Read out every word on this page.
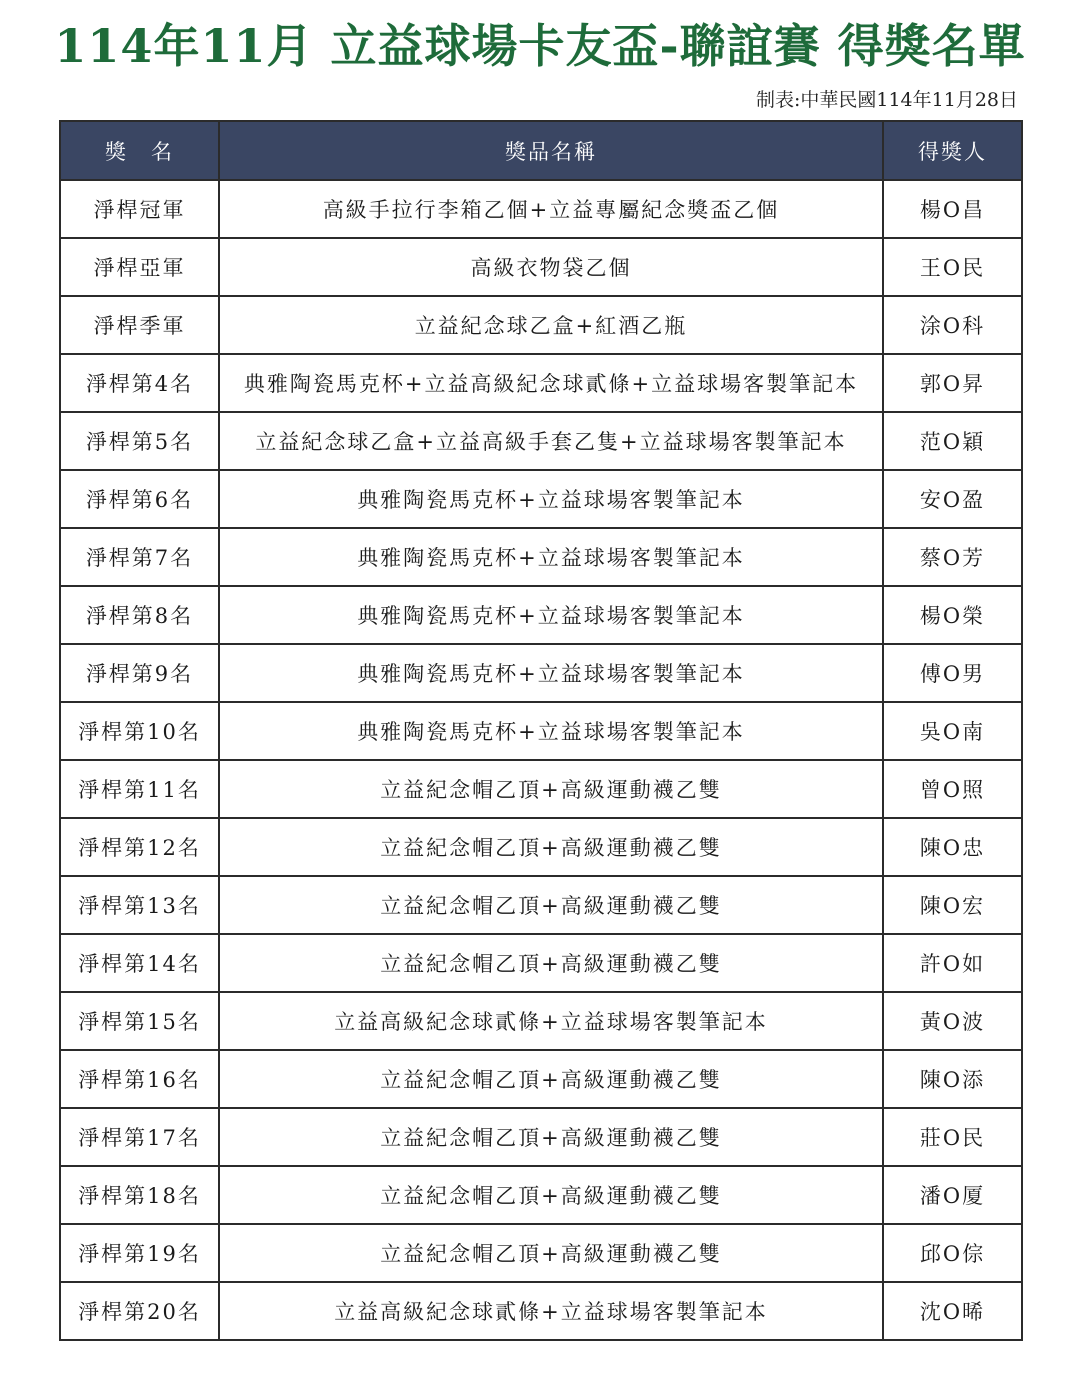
114年11月 立益球場卡友盃-聯誼賽 得獎名單
制表:中華民國114年11月28日
獎　名	獎品名稱	得獎人
淨桿冠軍	高級手拉行李箱乙個+立益專屬紀念獎盃乙個	楊O昌
淨桿亞軍	高級衣物袋乙個	王O民
淨桿季軍	立益紀念球乙盒+紅酒乙瓶	涂O科
淨桿第4名	典雅陶瓷馬克杯+立益高級紀念球貳條+立益球場客製筆記本	郭O昇
淨桿第5名	立益紀念球乙盒+立益高級手套乙隻+立益球場客製筆記本	范O穎
淨桿第6名	典雅陶瓷馬克杯+立益球場客製筆記本	安O盈
淨桿第7名	典雅陶瓷馬克杯+立益球場客製筆記本	蔡O芳
淨桿第8名	典雅陶瓷馬克杯+立益球場客製筆記本	楊O榮
淨桿第9名	典雅陶瓷馬克杯+立益球場客製筆記本	傅O男
淨桿第10名	典雅陶瓷馬克杯+立益球場客製筆記本	吳O南
淨桿第11名	立益紀念帽乙頂+高級運動襪乙雙	曾O照
淨桿第12名	立益紀念帽乙頂+高級運動襪乙雙	陳O忠
淨桿第13名	立益紀念帽乙頂+高級運動襪乙雙	陳O宏
淨桿第14名	立益紀念帽乙頂+高級運動襪乙雙	許O如
淨桿第15名	立益高級紀念球貳條+立益球場客製筆記本	黃O波
淨桿第16名	立益紀念帽乙頂+高級運動襪乙雙	陳O添
淨桿第17名	立益紀念帽乙頂+高級運動襪乙雙	莊O民
淨桿第18名	立益紀念帽乙頂+高級運動襪乙雙	潘O厦
淨桿第19名	立益紀念帽乙頂+高級運動襪乙雙	邱O倧
淨桿第20名	立益高級紀念球貳條+立益球場客製筆記本	沈O晞
